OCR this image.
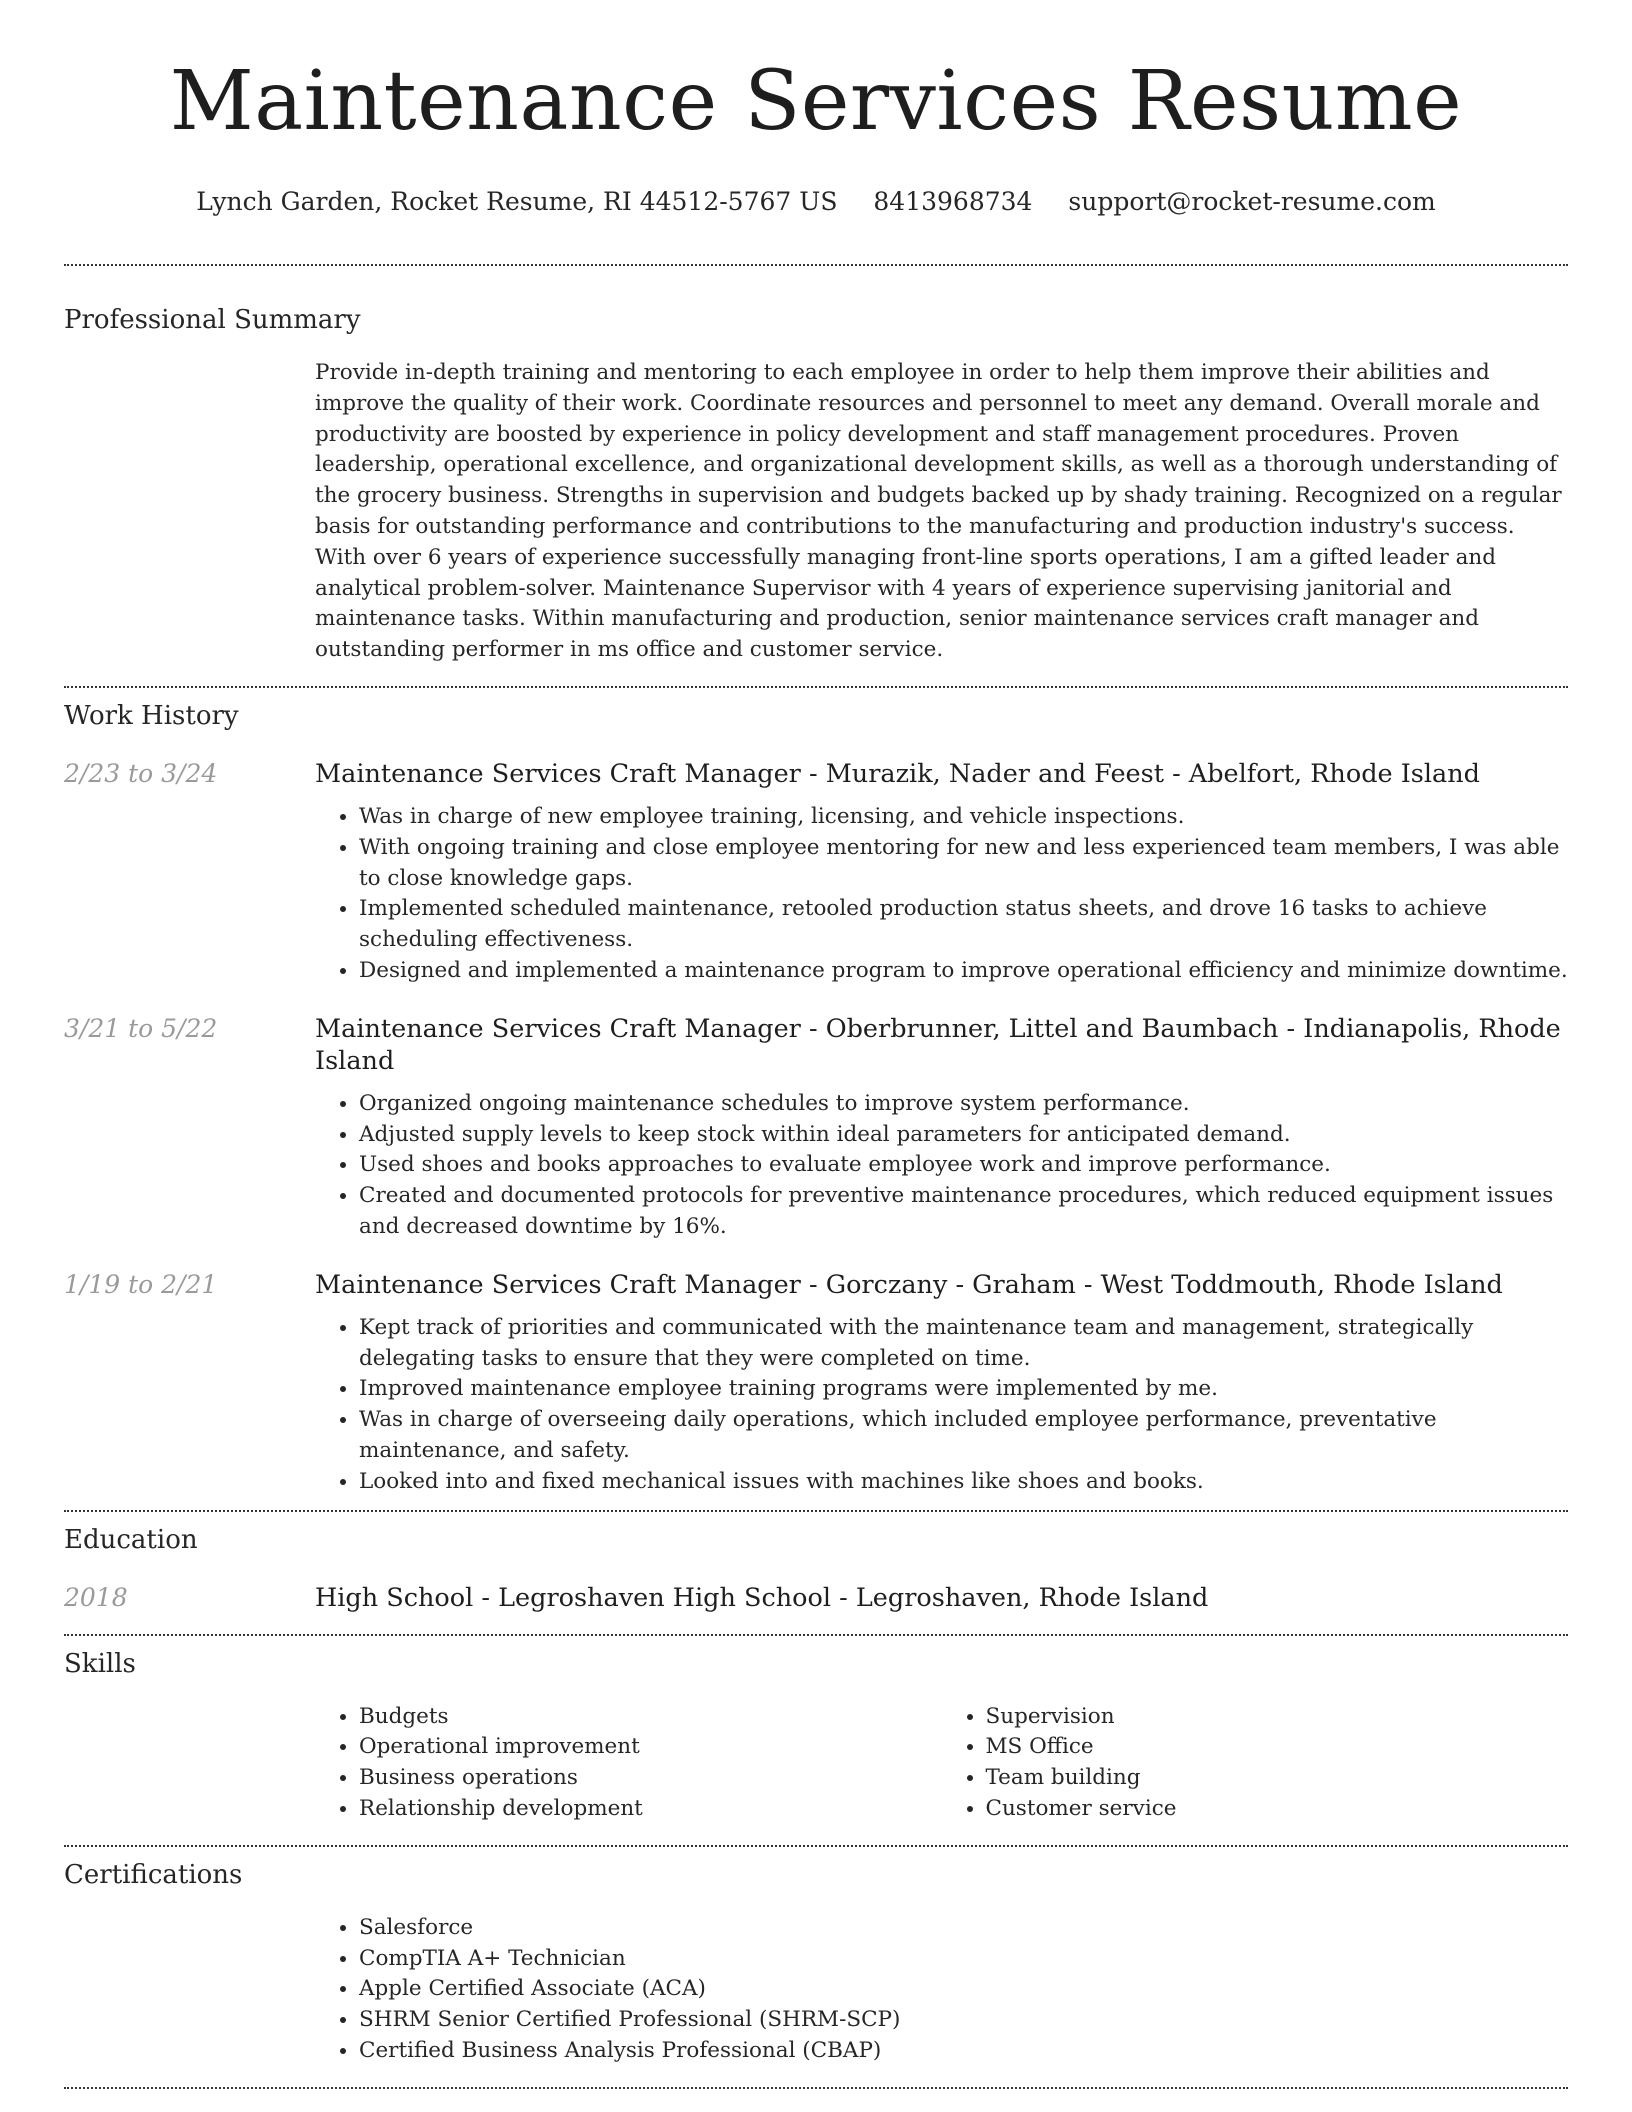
Maintenance Services Resume
Lynch Garden, Rocket Resume, RI 44512-5767 US 8413968734 support@rocket-resume.com
Professional Summary

Provide in-depth training and mentoring to each employee in order to help them improve their abilities and improve the quality of their work. Coordinate resources and personnel to meet any demand. Overall morale and productivity are boosted by experience in policy development and staff management procedures. Proven leadership, operational excellence, and organizational development skills, as well as a thorough understanding of the grocery business. Strengths in supervision and budgets backed up by shady training. Recognized on a regular basis for outstanding performance and contributions to the manufacturing and production industry's success. With over 6 years of experience successfully managing front-line sports operations, I am a gifted leader and analytical problem-solver. Maintenance Supervisor with 4 years of experience supervising janitorial and maintenance tasks. Within manufacturing and production, senior maintenance services craft manager and outstanding performer in ms office and customer service.

Work History
2/23 to 3/24	Maintenance Services Craft Manager - Murazik, Nader and Feest - Abelfort, Rhode Island
• Was in charge of new employee training, licensing, and vehicle inspections.
• With ongoing training and close employee mentoring for new and less experienced team members, I was able to close knowledge gaps.
• Implemented scheduled maintenance, retooled production status sheets, and drove 16 tasks to achieve scheduling effectiveness.
• Designed and implemented a maintenance program to improve operational efficiency and minimize downtime.
3/21 to 5/22	Maintenance Services Craft Manager - Oberbrunner, Littel and Baumbach - Indianapolis, Rhode Island
• Organized ongoing maintenance schedules to improve system performance.
• Adjusted supply levels to keep stock within ideal parameters for anticipated demand.
• Used shoes and books approaches to evaluate employee work and improve performance.
• Created and documented protocols for preventive maintenance procedures, which reduced equipment issues and decreased downtime by 16%.
1/19 to 2/21	Maintenance Services Craft Manager - Gorczany - Graham - West Toddmouth, Rhode Island
• Kept track of priorities and communicated with the maintenance team and management, strategically delegating tasks to ensure that they were completed on time.
• Improved maintenance employee training programs were implemented by me.
• Was in charge of overseeing daily operations, which included employee performance, preventative maintenance, and safety.
• Looked into and fixed mechanical issues with machines like shoes and books.
Education
2018	High School - Legroshaven High School - Legroshaven, Rhode Island
Skills
• Budgets
• Operational improvement
• Business operations
• Relationship development
• Supervision
• MS Office
• Team building
• Customer service
Certifications
• Salesforce
• CompTIA A+ Technician
• Apple Certified Associate (ACA)
• SHRM Senior Certified Professional (SHRM-SCP)
• Certified Business Analysis Professional (CBAP)
